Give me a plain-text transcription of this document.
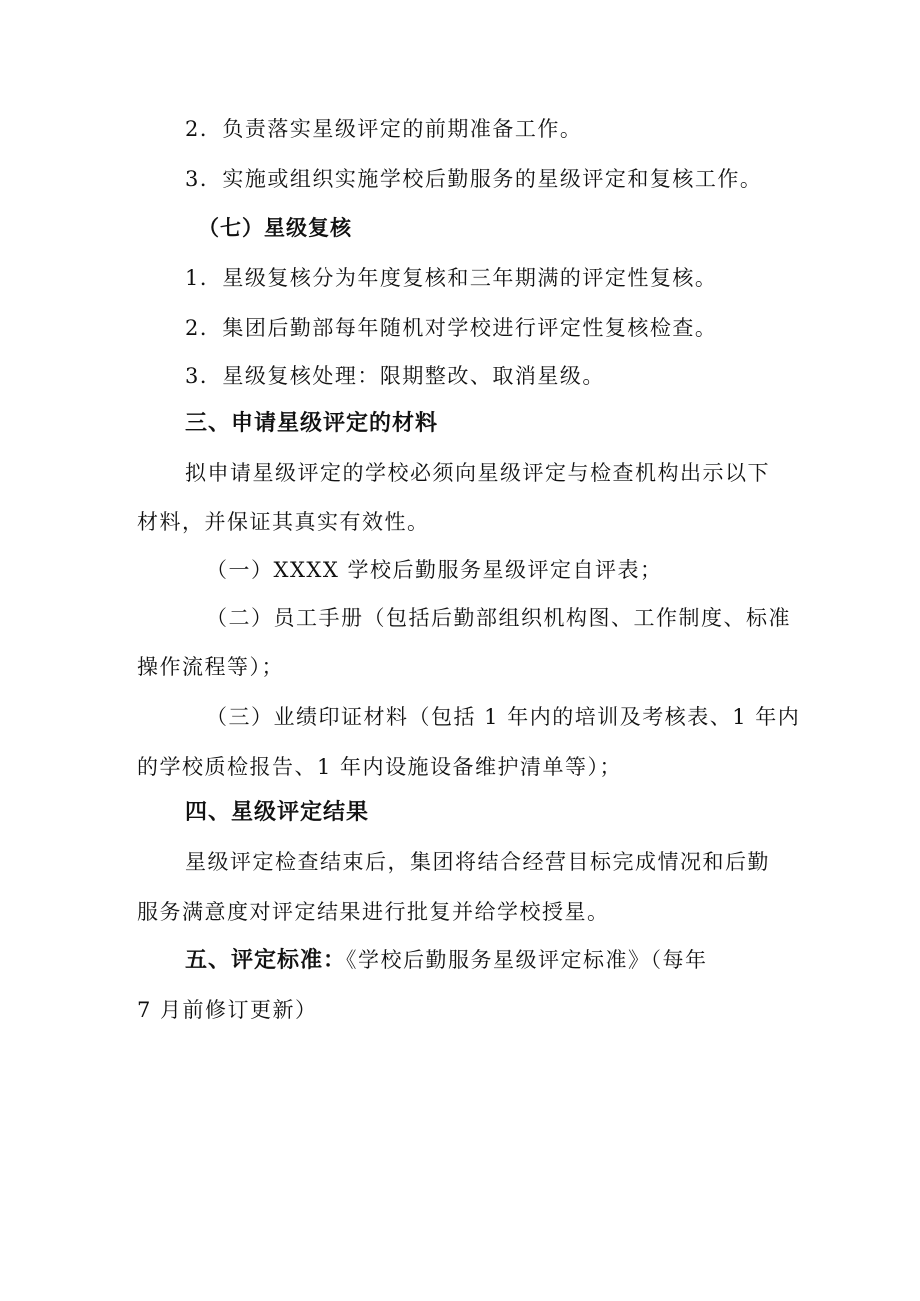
2．负责落实星级评定的前期准备工作。

3．实施或组织实施学校后勤服务的星级评定和复核工作。

（七）星级复核

1．星级复核分为年度复核和三年期满的评定性复核。

2．集团后勤部每年随机对学校进行评定性复核检查。

3．星级复核处理：限期整改、取消星级。

三、申请星级评定的材料

拟申请星级评定的学校必须向星级评定与检查机构出示以下

材料，并保证其真实有效性。

（一）XXXX 学校后勤服务星级评定自评表；

（二）员工手册（包括后勤部组织机构图、工作制度、标准

操作流程等）；

（三）业绩印证材料（包括 1 年内的培训及考核表、1 年内

的学校质检报告、1 年内设施设备维护清单等）；

四、星级评定结果

星级评定检查结束后，集团将结合经营目标完成情况和后勤

服务满意度对评定结果进行批复并给学校授星。

五、评定标准：《学校后勤服务星级评定标准》（每年

7 月前修订更新）
